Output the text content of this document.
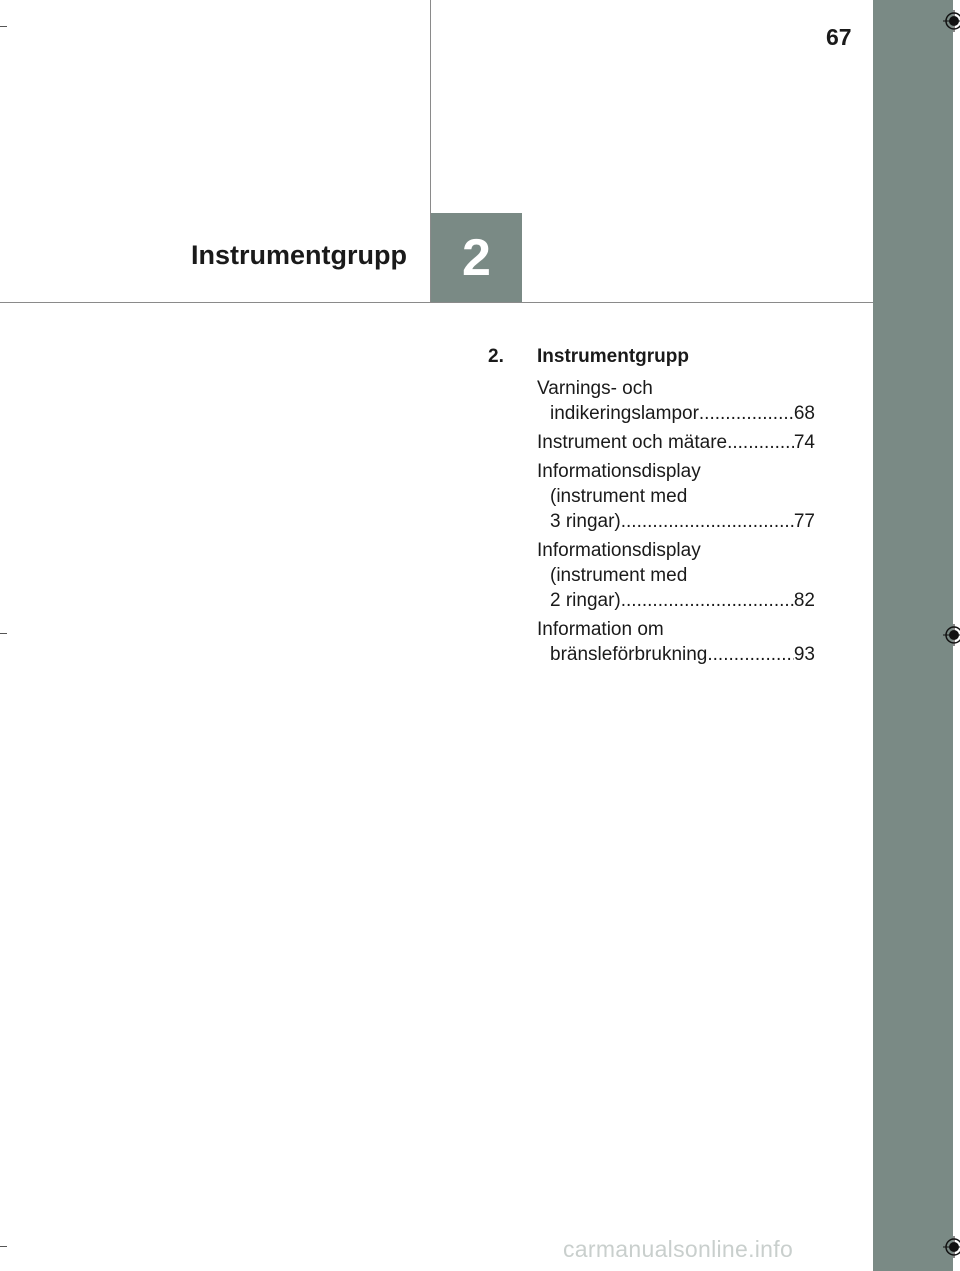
2
Instrumentgrupp
67
2. Instrumentgrupp
Varnings- och
indikeringslampor .....	68
Instrument och mätare .....	74
Informationsdisplay
(instrument med
3 ringar) .....	77
Informationsdisplay
(instrument med
2 ringar) .....	82
Information om
bränsleförbrukning .....	93
carmanualsonline.info
